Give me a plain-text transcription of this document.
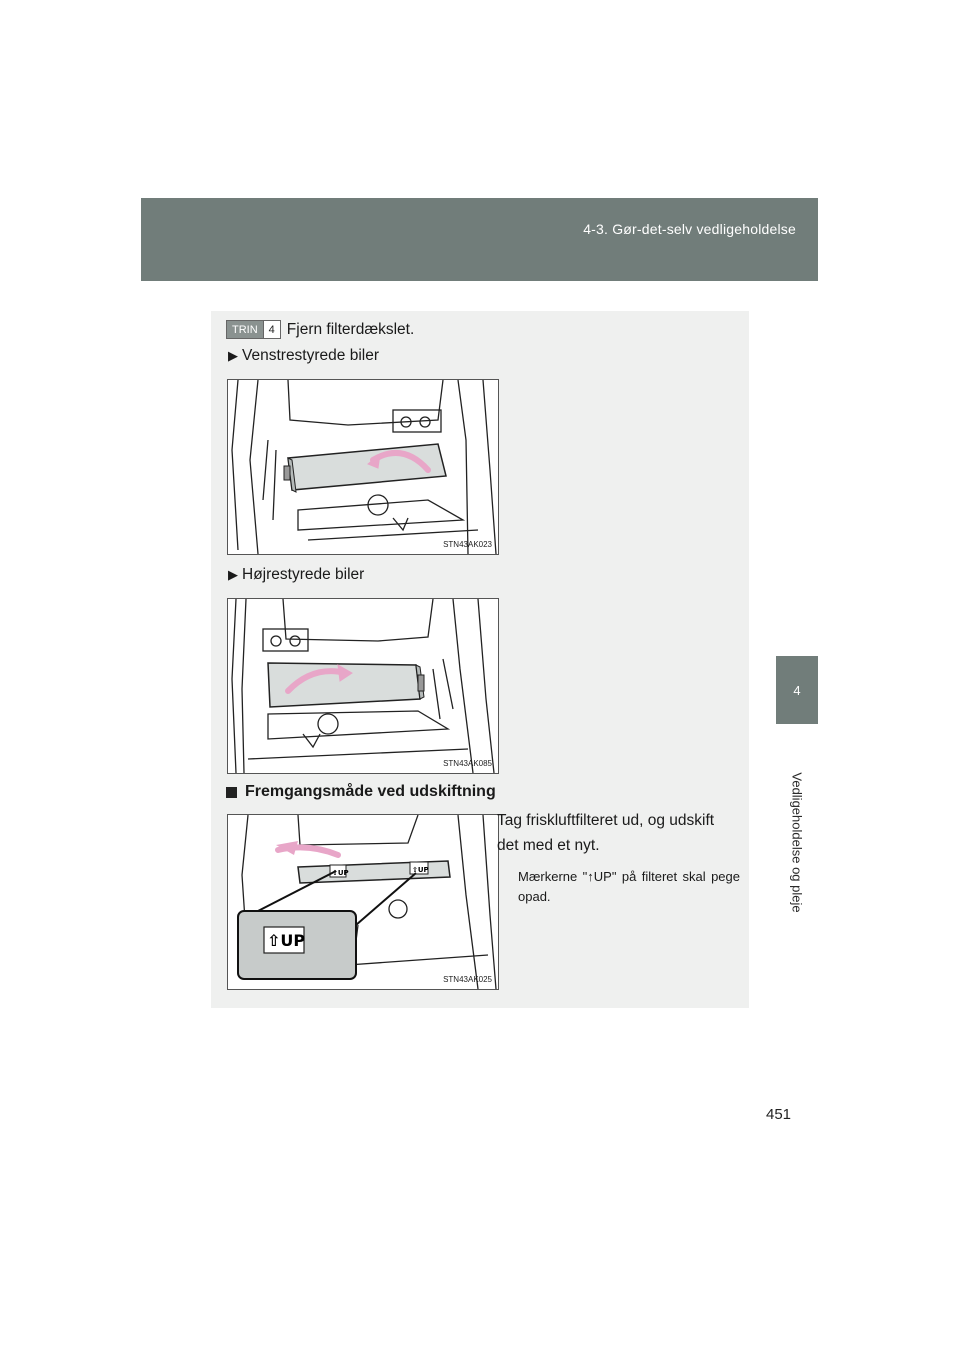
4-3. Gør-det-selv vedligeholdelse
4
Vedligeholdelse og pleje
TRIN	4 Fjern filterdækslet.
▶ Venstrestyrede biler
STN43AK023
▶ Højrestyrede biler
STN43AK085
Fremgangsmåde ved udskiftning
⇧UP	⇧UP
⇧UP
STN43AK025
Tag friskluftfilteret ud, og udskift det med et nyt.
Mærkerne "↑UP" på filteret skal pege opad.
451
